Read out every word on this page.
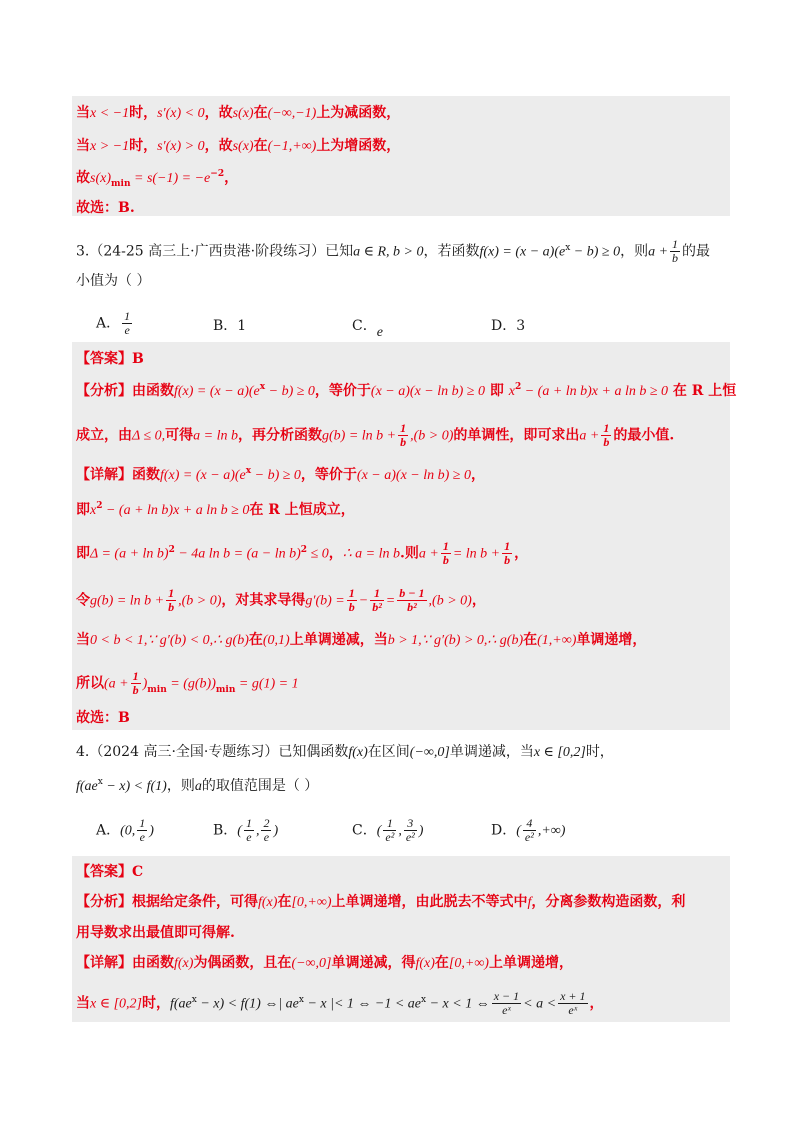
当x < −1时，s′(x) < 0，故s(x)在(−∞,−1)上为减函数，
当x > −1时，s′(x) > 0，故s(x)在(−1,+∞)上为增函数，
故$s(x)_{min} = s(-1) = -e^{-2}$，
故选：B.
3.（24-25 高三上·广西贵港·阶段练习）已知a ∈ R, b > 0，若函数$f(x) = (x - a)(e^x - b) \ge 0$，则$a + \frac{1}{b}$ 的最
小值为（ ）
A． $\frac{1}{e}$	B．1	C．e	D．3
【答案】B
【分析】由函数$f(x) = (x - a)(e^x - b) \ge 0$，等价于(x − a)(x − ln b) ≥ 0 即 $x^2 - (a + \ln b)x + a$ ln b ≥ 0 在 R 上恒
成立，由Δ ≤ 0,可得a = ln b，再分析函数$g(b) = \ln b + \frac{1}{b} ,(b > 0)$的单调性，即可求出$a + \frac{1}{b}$ 的最小值.
【详解】函数$f(x) = (x - a)(e^x - b) \ge 0$，等价于(x − a)(x − ln b) ≥ 0，
即$x^2 - (a + \ln b)x + a$ ln b ≥ 0在 R 上恒成立，
即$\Delta = (a + \ln b)^2 - 4a$ $\ln b = (a - \ln b)^2 \le 0$，∴ a = ln b.则$a + \frac{1}{b} = \ln b + \frac{1}{b}$ ，
令$g(b) = \ln b + \frac{1}{b} ,(b > 0)$，对其求导得$g'(b) = \frac{1}{b} - \frac{1}{\text{b²}} = \frac{b - 1}{\text{b²}} ,(b > 0)$，
当0 < b < 1,∵ g′(b) < 0,∴ g(b)在(0,1)上单调递减，当b > 1,∵ g′(b) > 0,∴ g(b)在(1,+∞)单调递增，
所以$(a + \frac{1}{b} )_{min} = (g(b))_{min} = g(1) = 1$
故选：B
4.（2024 高三·全国·专题练习）已知偶函数f(x)在区间(−∞,0]单调递减，当x ∈ [0,2]时，
$f(ae^x - x) < f(1)$，则a的取值范围是（ ）
A．(0, $\frac{1}{e}$ )	B．( $\frac{1}{e}$ , $\frac{2}{e}$ )	C．( $\frac{1}{\text{e²}}$ , $\frac{3}{\text{e²}}$ )	D．( $\frac{4}{\text{e²}}$ ,+∞)
【答案】C
【分析】根据给定条件，可得f(x)在[0,+∞)上单调递增，由此脱去不等式中f，分离参数构造函数，利
用导数求出最值即可得解.
【详解】由函数f(x)为偶函数，且在(−∞,0]单调递减，得f(x)在[0,+∞)上单调递增，
当x ∈ [0,2]时，$f(ae^x - x) < f(1)$ ⇔| $ae^x - x$ |< 1 ⇔ $-1 < ae^x - x < 1$ ⇔ $\frac{x - 1}{\text{eˣ}} < a < \frac{x + 1}{\text{eˣ}}$ ，
